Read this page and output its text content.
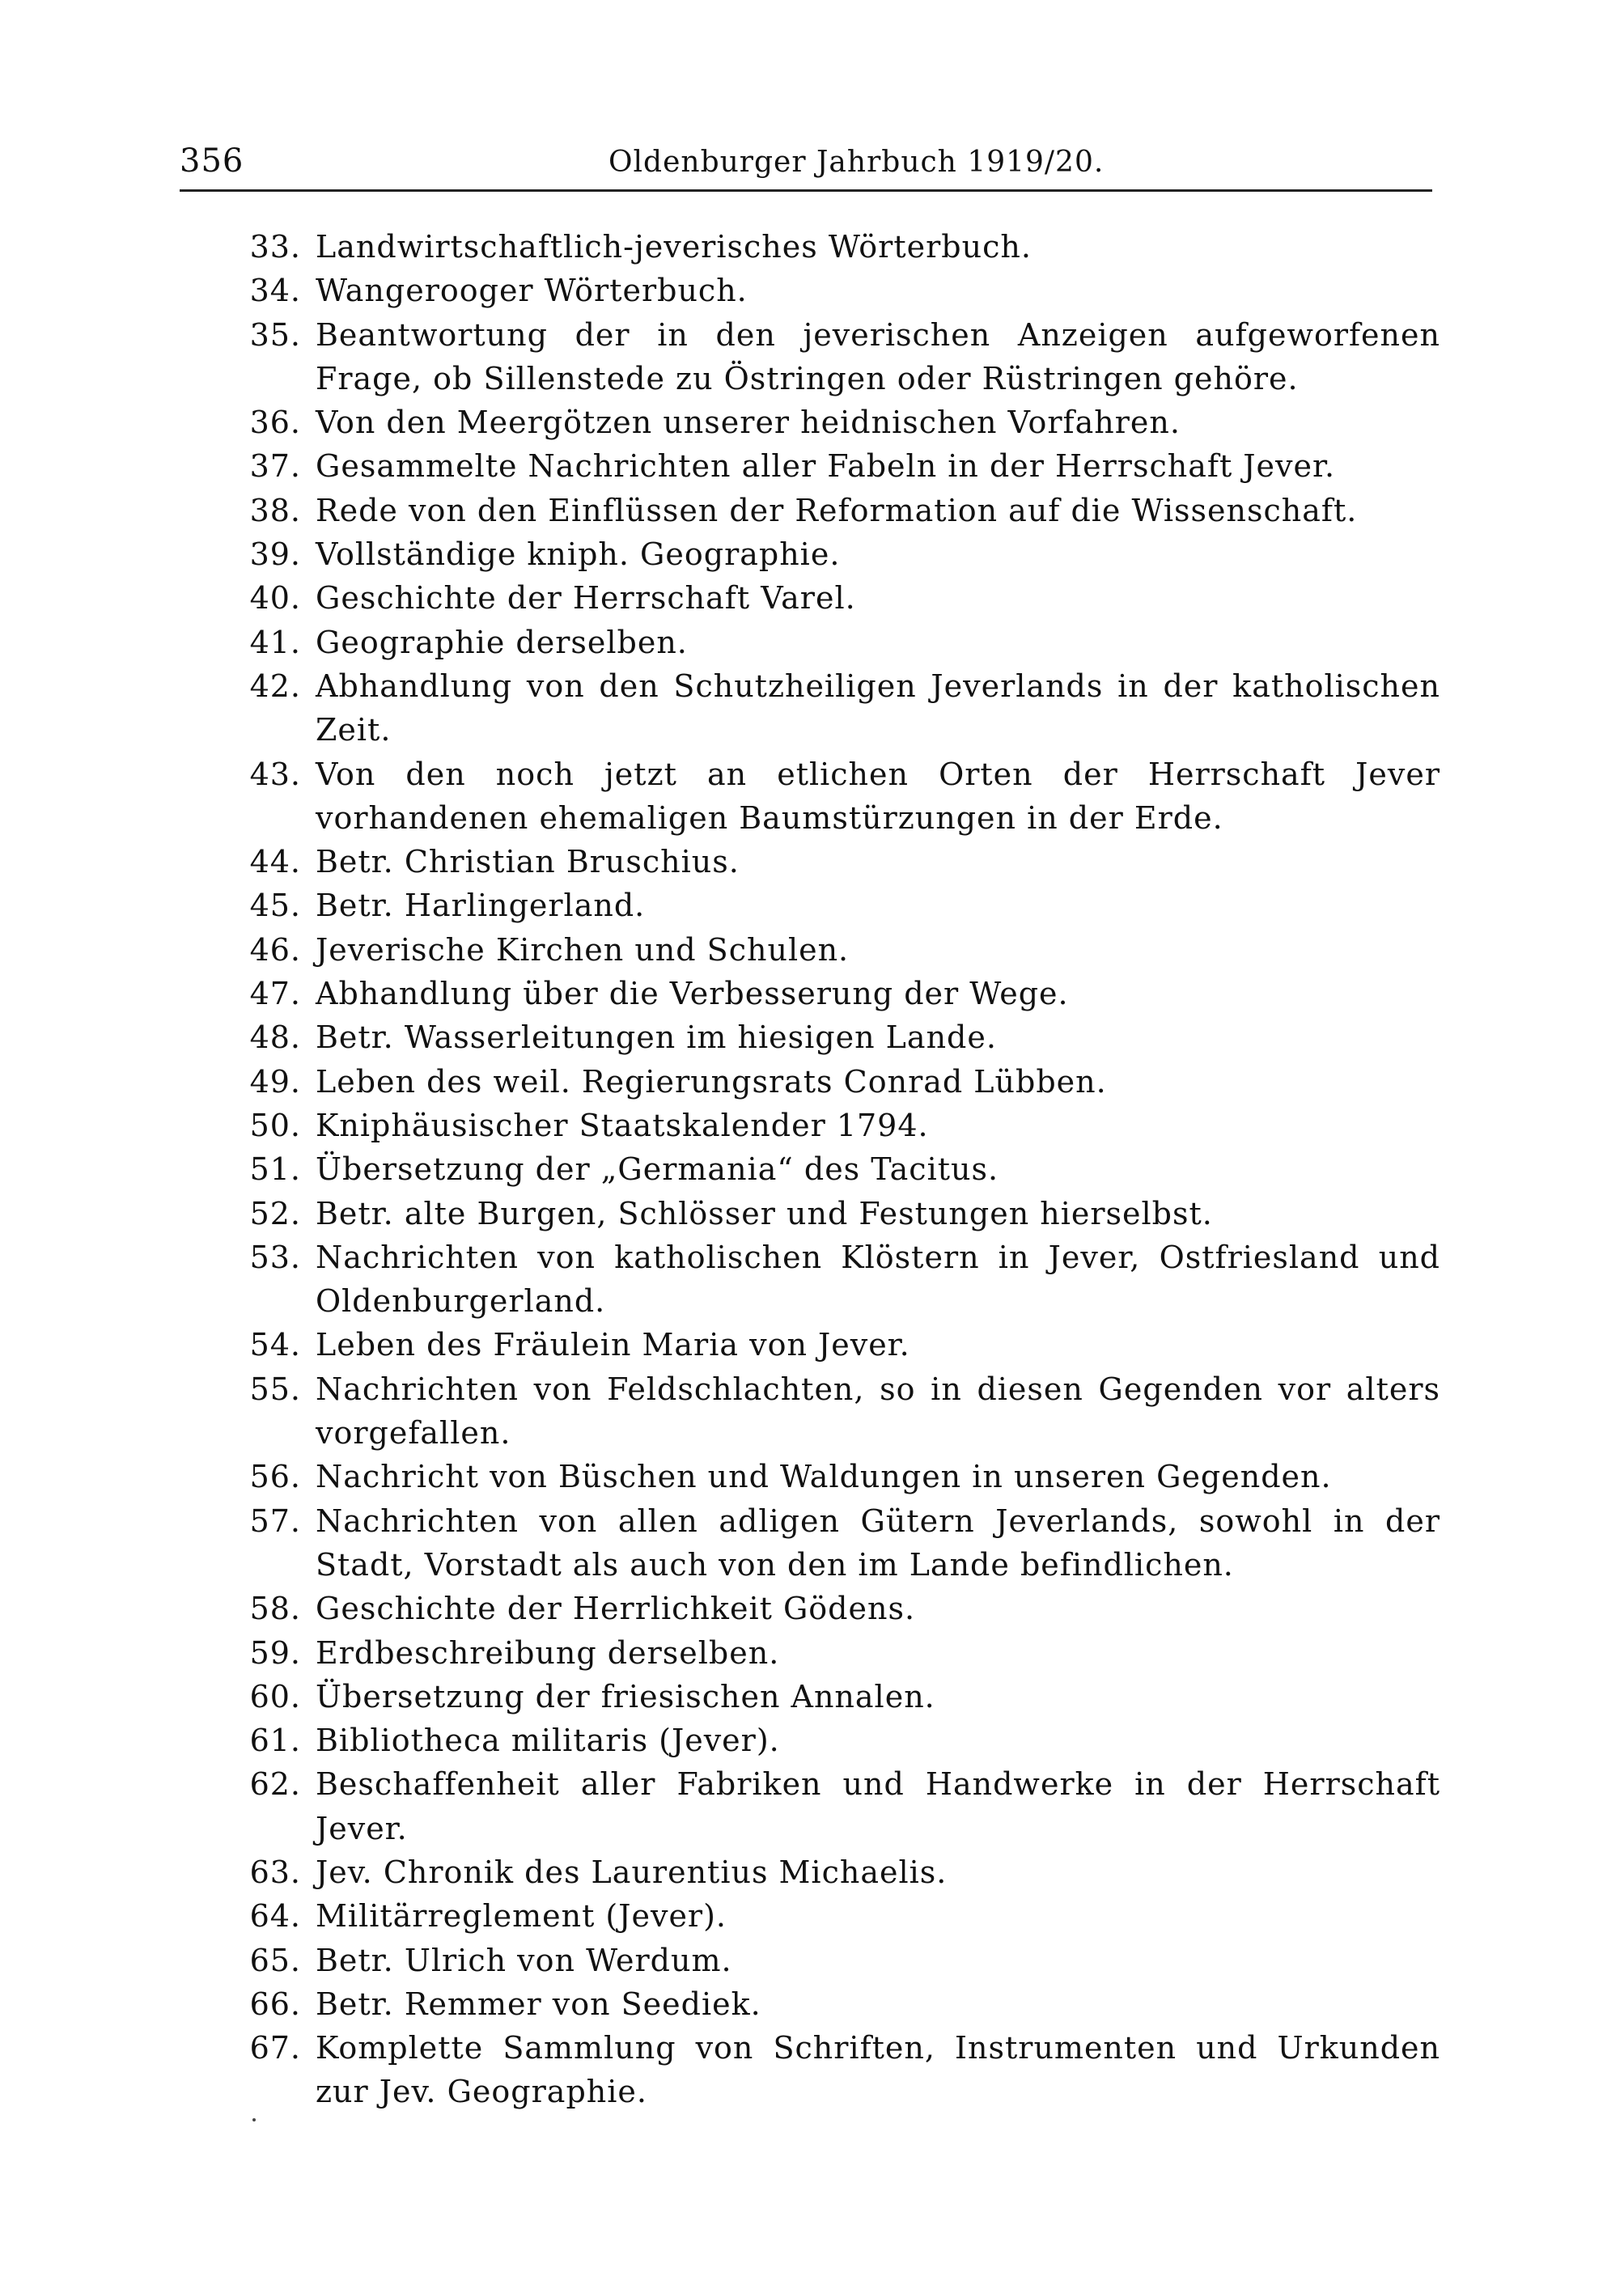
356	Oldenburger Jahrbuch 1919/20.
33. Landwirtschaftlich-jeverisches Wörterbuch.
34. Wangerooger Wörterbuch.
35. Beantwortung der in den jeverischen Anzeigen aufgeworfenen Frage, ob Sillenstede zu Östringen oder Rüstringen gehöre.
36. Von den Meergötzen unserer heidnischen Vorfahren.
37. Gesammelte Nachrichten aller Fabeln in der Herrschaft Jever.
38. Rede von den Einflüssen der Reformation auf die Wissenschaft.
39. Vollständige kniph. Geographie.
40. Geschichte der Herrschaft Varel.
41. Geographie derselben.
42. Abhandlung von den Schutzheiligen Jeverlands in der katholischen Zeit.
43. Von den noch jetzt an etlichen Orten der Herrschaft Jever vorhandenen ehemaligen Baumstürzungen in der Erde.
44. Betr. Christian Bruschius.
45. Betr. Harlingerland.
46. Jeverische Kirchen und Schulen.
47. Abhandlung über die Verbesserung der Wege.
48. Betr. Wasserleitungen im hiesigen Lande.
49. Leben des weil. Regierungsrats Conrad Lübben.
50. Kniphäusischer Staatskalender 1794.
51. Übersetzung der „Germania“ des Tacitus.
52. Betr. alte Burgen, Schlösser und Festungen hierselbst.
53. Nachrichten von katholischen Klöstern in Jever, Ostfriesland und Oldenburgerland.
54. Leben des Fräulein Maria von Jever.
55. Nachrichten von Feldschlachten, so in diesen Gegenden vor alters vorgefallen.
56. Nachricht von Büschen und Waldungen in unseren Gegenden.
57. Nachrichten von allen adligen Gütern Jeverlands, sowohl in der Stadt, Vorstadt als auch von den im Lande befindlichen.
58. Geschichte der Herrlichkeit Gödens.
59. Erdbeschreibung derselben.
60. Übersetzung der friesischen Annalen.
61. Bibliotheca militaris (Jever).
62. Beschaffenheit aller Fabriken und Handwerke in der Herrschaft Jever.
63. Jev. Chronik des Laurentius Michaelis.
64. Militärreglement (Jever).
65. Betr. Ulrich von Werdum.
66. Betr. Remmer von Seediek.
67. Komplette Sammlung von Schriften, Instrumenten und Urkunden zur Jev. Geographie.
